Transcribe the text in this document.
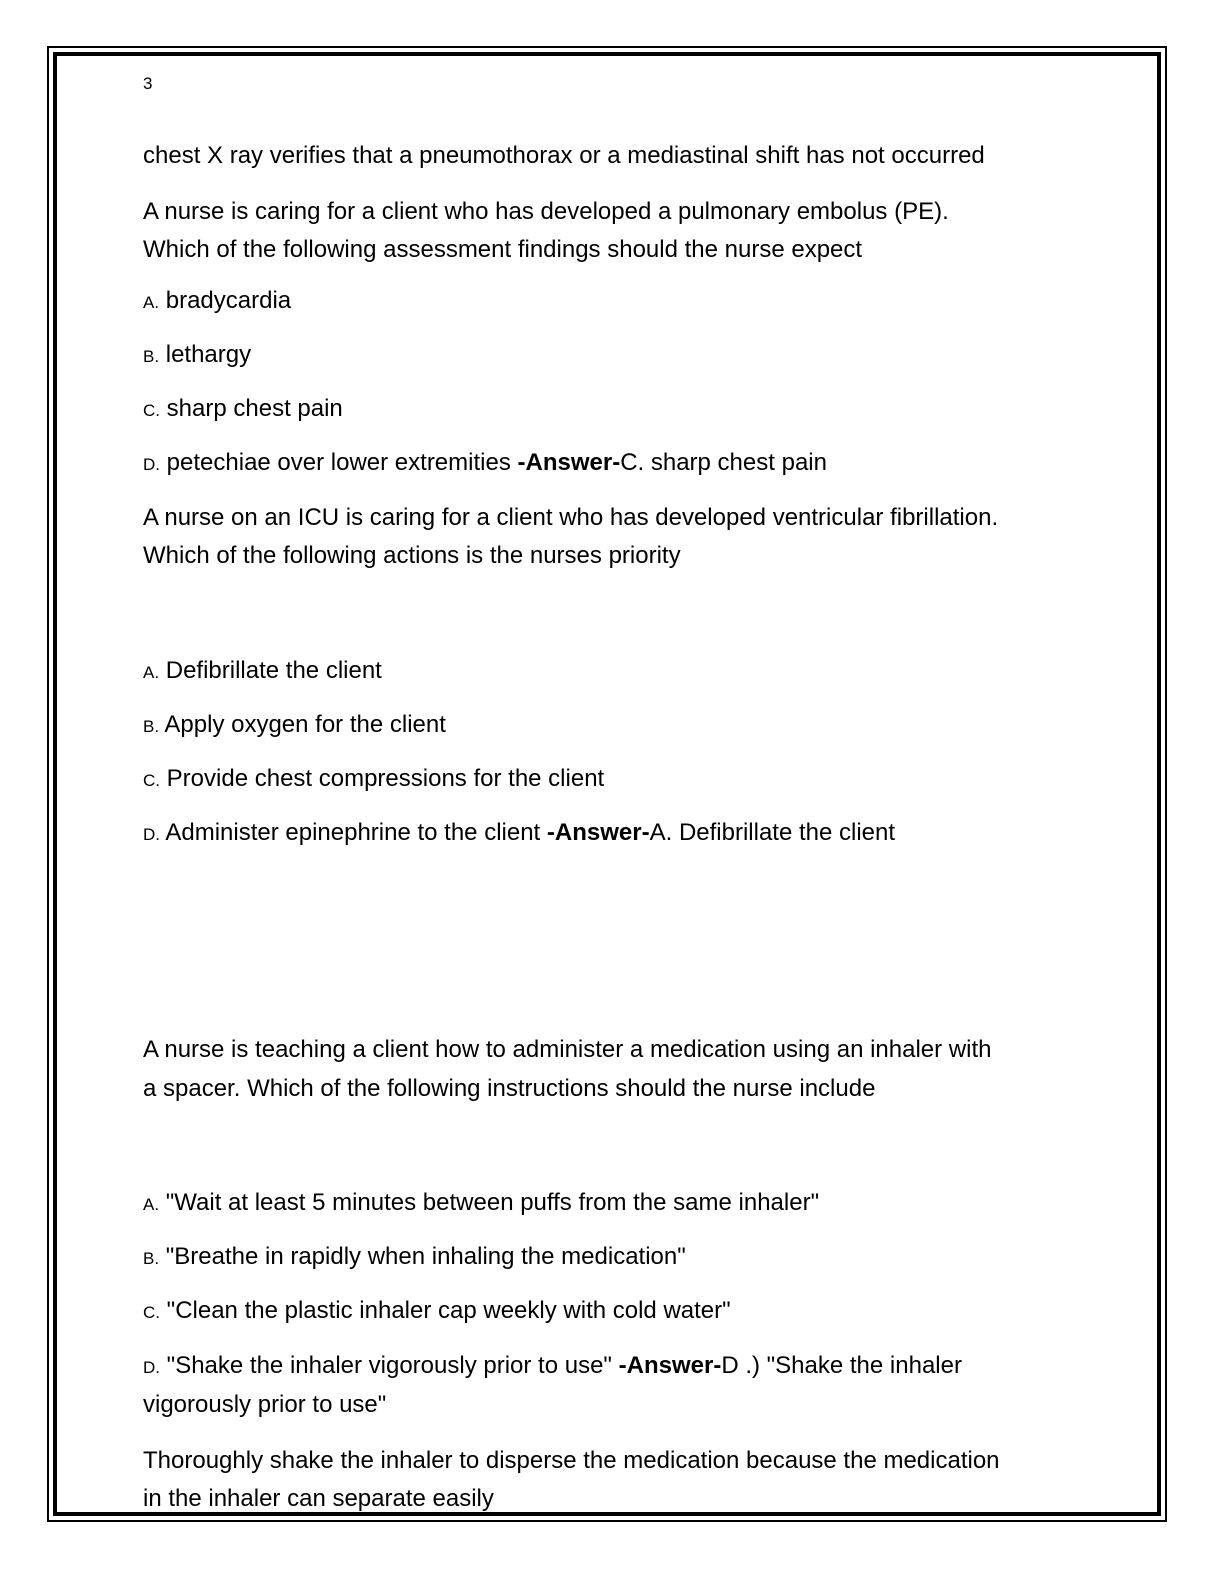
3
chest X ray verifies that a pneumothorax or a mediastinal shift has not occurred
A nurse is caring for a client who has developed a pulmonary embolus (PE).
Which of the following assessment findings should the nurse expect
A. bradycardia
B. lethargy
C. sharp chest pain
D. petechiae over lower extremities -Answer-C. sharp chest pain
A nurse on an ICU is caring for a client who has developed ventricular fibrillation.
Which of the following actions is the nurses priority
A. Defibrillate the client
B. Apply oxygen for the client
C. Provide chest compressions for the client
D. Administer epinephrine to the client -Answer-A. Defibrillate the client
A nurse is teaching a client how to administer a medication using an inhaler with
a spacer. Which of the following instructions should the nurse include
A. "Wait at least 5 minutes between puffs from the same inhaler"
B. "Breathe in rapidly when inhaling the medication"
C. "Clean the plastic inhaler cap weekly with cold water"
D. "Shake the inhaler vigorously prior to use" -Answer-D .) "Shake the inhaler
vigorously prior to use"
Thoroughly shake the inhaler to disperse the medication because the medication
in the inhaler can separate easily
